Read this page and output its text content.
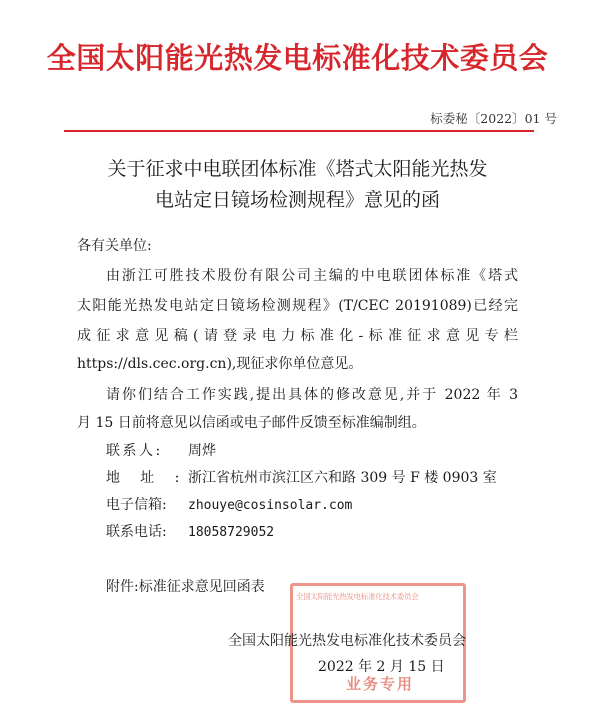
全国太阳能光热发电标准化技术委员会
标委秘〔2022〕01 号
关于征求中电联团体标准《塔式太阳能光热发
电站定日镜场检测规程》意见的函
各有关单位:
由浙江可胜技术股份有限公司主编的中电联团体标准《塔式
太阳能光热发电站定日镜场检测规程》(T/CEC 20191089)已经完
成征求意见稿(请登录电力标准化-标准征求意见专栏
https://dls.cec.org.cn),现征求你单位意见。
请你们结合工作实践,提出具体的修改意见,并于 2022 年 3
月 15 日前将意见以信函或电子邮件反馈至标准编制组。
联系人: 周烨
地址:浙江省杭州市滨江区六和路 309 号 F 楼 0903 室
电子信箱: zhouye@cosinsolar.com
联系电话: 18058729052
附件:标准征求意见回函表
全国太阳能光热发电标准化技术委员会
业务专用
全国太阳能光热发电标准化技术委员会
2022 年 2 月 15 日
